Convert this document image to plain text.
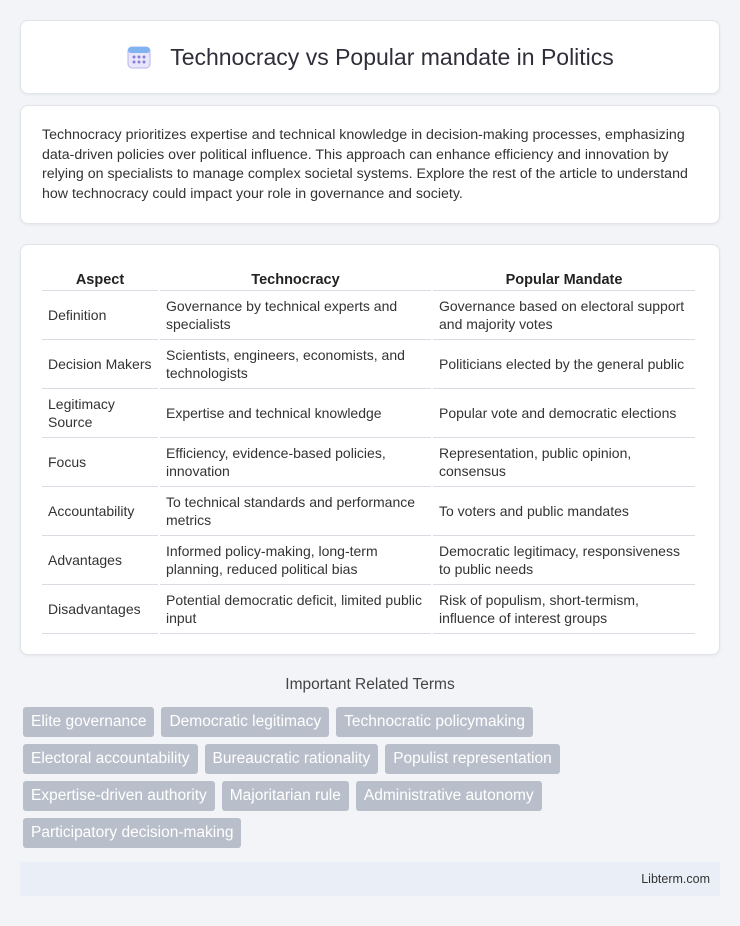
Technocracy vs Popular mandate in Politics

Technocracy prioritizes expertise and technical knowledge in decision-making processes, emphasizing data-driven policies over political influence. This approach can enhance efficiency and innovation by relying on specialists to manage complex societal systems. Explore the rest of the article to understand how technocracy could impact your role in governance and society.

Aspect	Technocracy	Popular Mandate
Definition	Governance by technical experts and specialists	Governance based on electoral support and majority votes
Decision Makers	Scientists, engineers, economists, and technologists	Politicians elected by the general public
Legitimacy Source	Expertise and technical knowledge	Popular vote and democratic elections
Focus	Efficiency, evidence-based policies, innovation	Representation, public opinion, consensus
Accountability	To technical standards and performance metrics	To voters and public mandates
Advantages	Informed policy-making, long-term planning, reduced political bias	Democratic legitimacy, responsiveness to public needs
Disadvantages	Potential democratic deficit, limited public input	Risk of populism, short-termism, influence of interest groups
Important Related Terms
Elite governance	Democratic legitimacy	Technocratic policymaking
Electoral accountability	Bureaucratic rationality	Populist representation
Expertise-driven authority	Majoritarian rule	Administrative autonomy
Participatory decision-making
Libterm.com
